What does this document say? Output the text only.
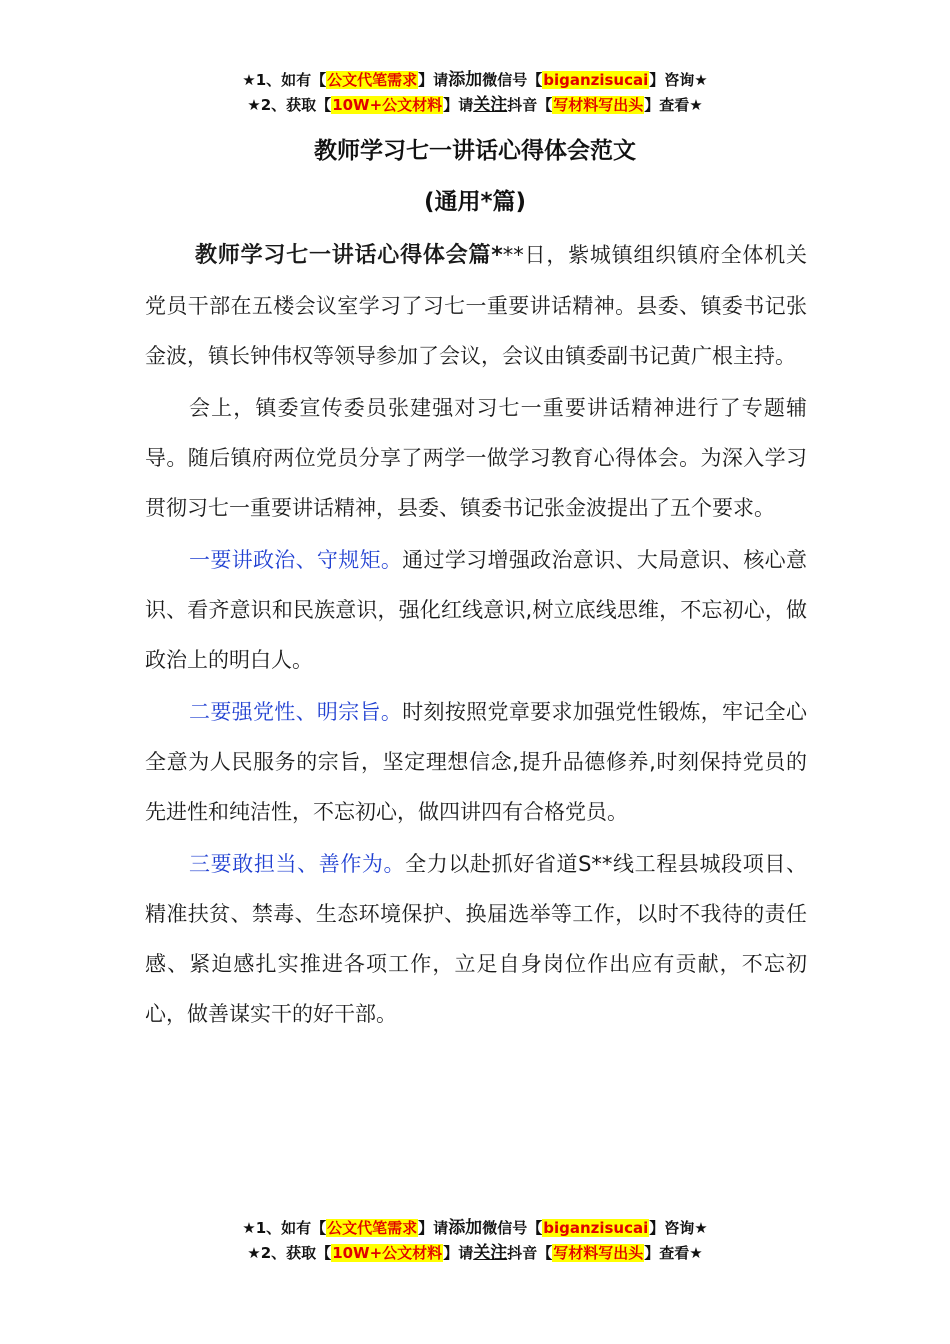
★1、如有【公文代笔需求】请添加微信号【biganzisucai】咨询★
★2、获取【10W+公文材料】请关注抖音【写材料写出头】查看★
教师学习七一讲话心得体会范文
(通用*篇)

教师学习七一讲话心得体会篇***日，紫城镇组织镇府全体机关党员干部在五楼会议室学习了习七一重要讲话精神。县委、镇委书记张金波，镇长钟伟权等领导参加了会议，会议由镇委副书记黄广根主持。

会上，镇委宣传委员张建强对习七一重要讲话精神进行了专题辅导。随后镇府两位党员分享了两学一做学习教育心得体会。为深入学习贯彻习七一重要讲话精神，县委、镇委书记张金波提出了五个要求。

一要讲政治、守规矩。通过学习增强政治意识、大局意识、核心意识、看齐意识和民族意识，强化红线意识,树立底线思维，不忘初心，做政治上的明白人。

二要强党性、明宗旨。时刻按照党章要求加强党性锻炼，牢记全心全意为人民服务的宗旨，坚定理想信念,提升品德修养,时刻保持党员的先进性和纯洁性，不忘初心，做四讲四有合格党员。

三要敢担当、善作为。全力以赴抓好省道S**线工程县城段项目、精准扶贫、禁毒、生态环境保护、换届选举等工作，以时不我待的责任感、紧迫感扎实推进各项工作，立足自身岗位作出应有贡献，不忘初心，做善谋实干的好干部。

★1、如有【公文代笔需求】请添加微信号【biganzisucai】咨询★
★2、获取【10W+公文材料】请关注抖音【写材料写出头】查看★
